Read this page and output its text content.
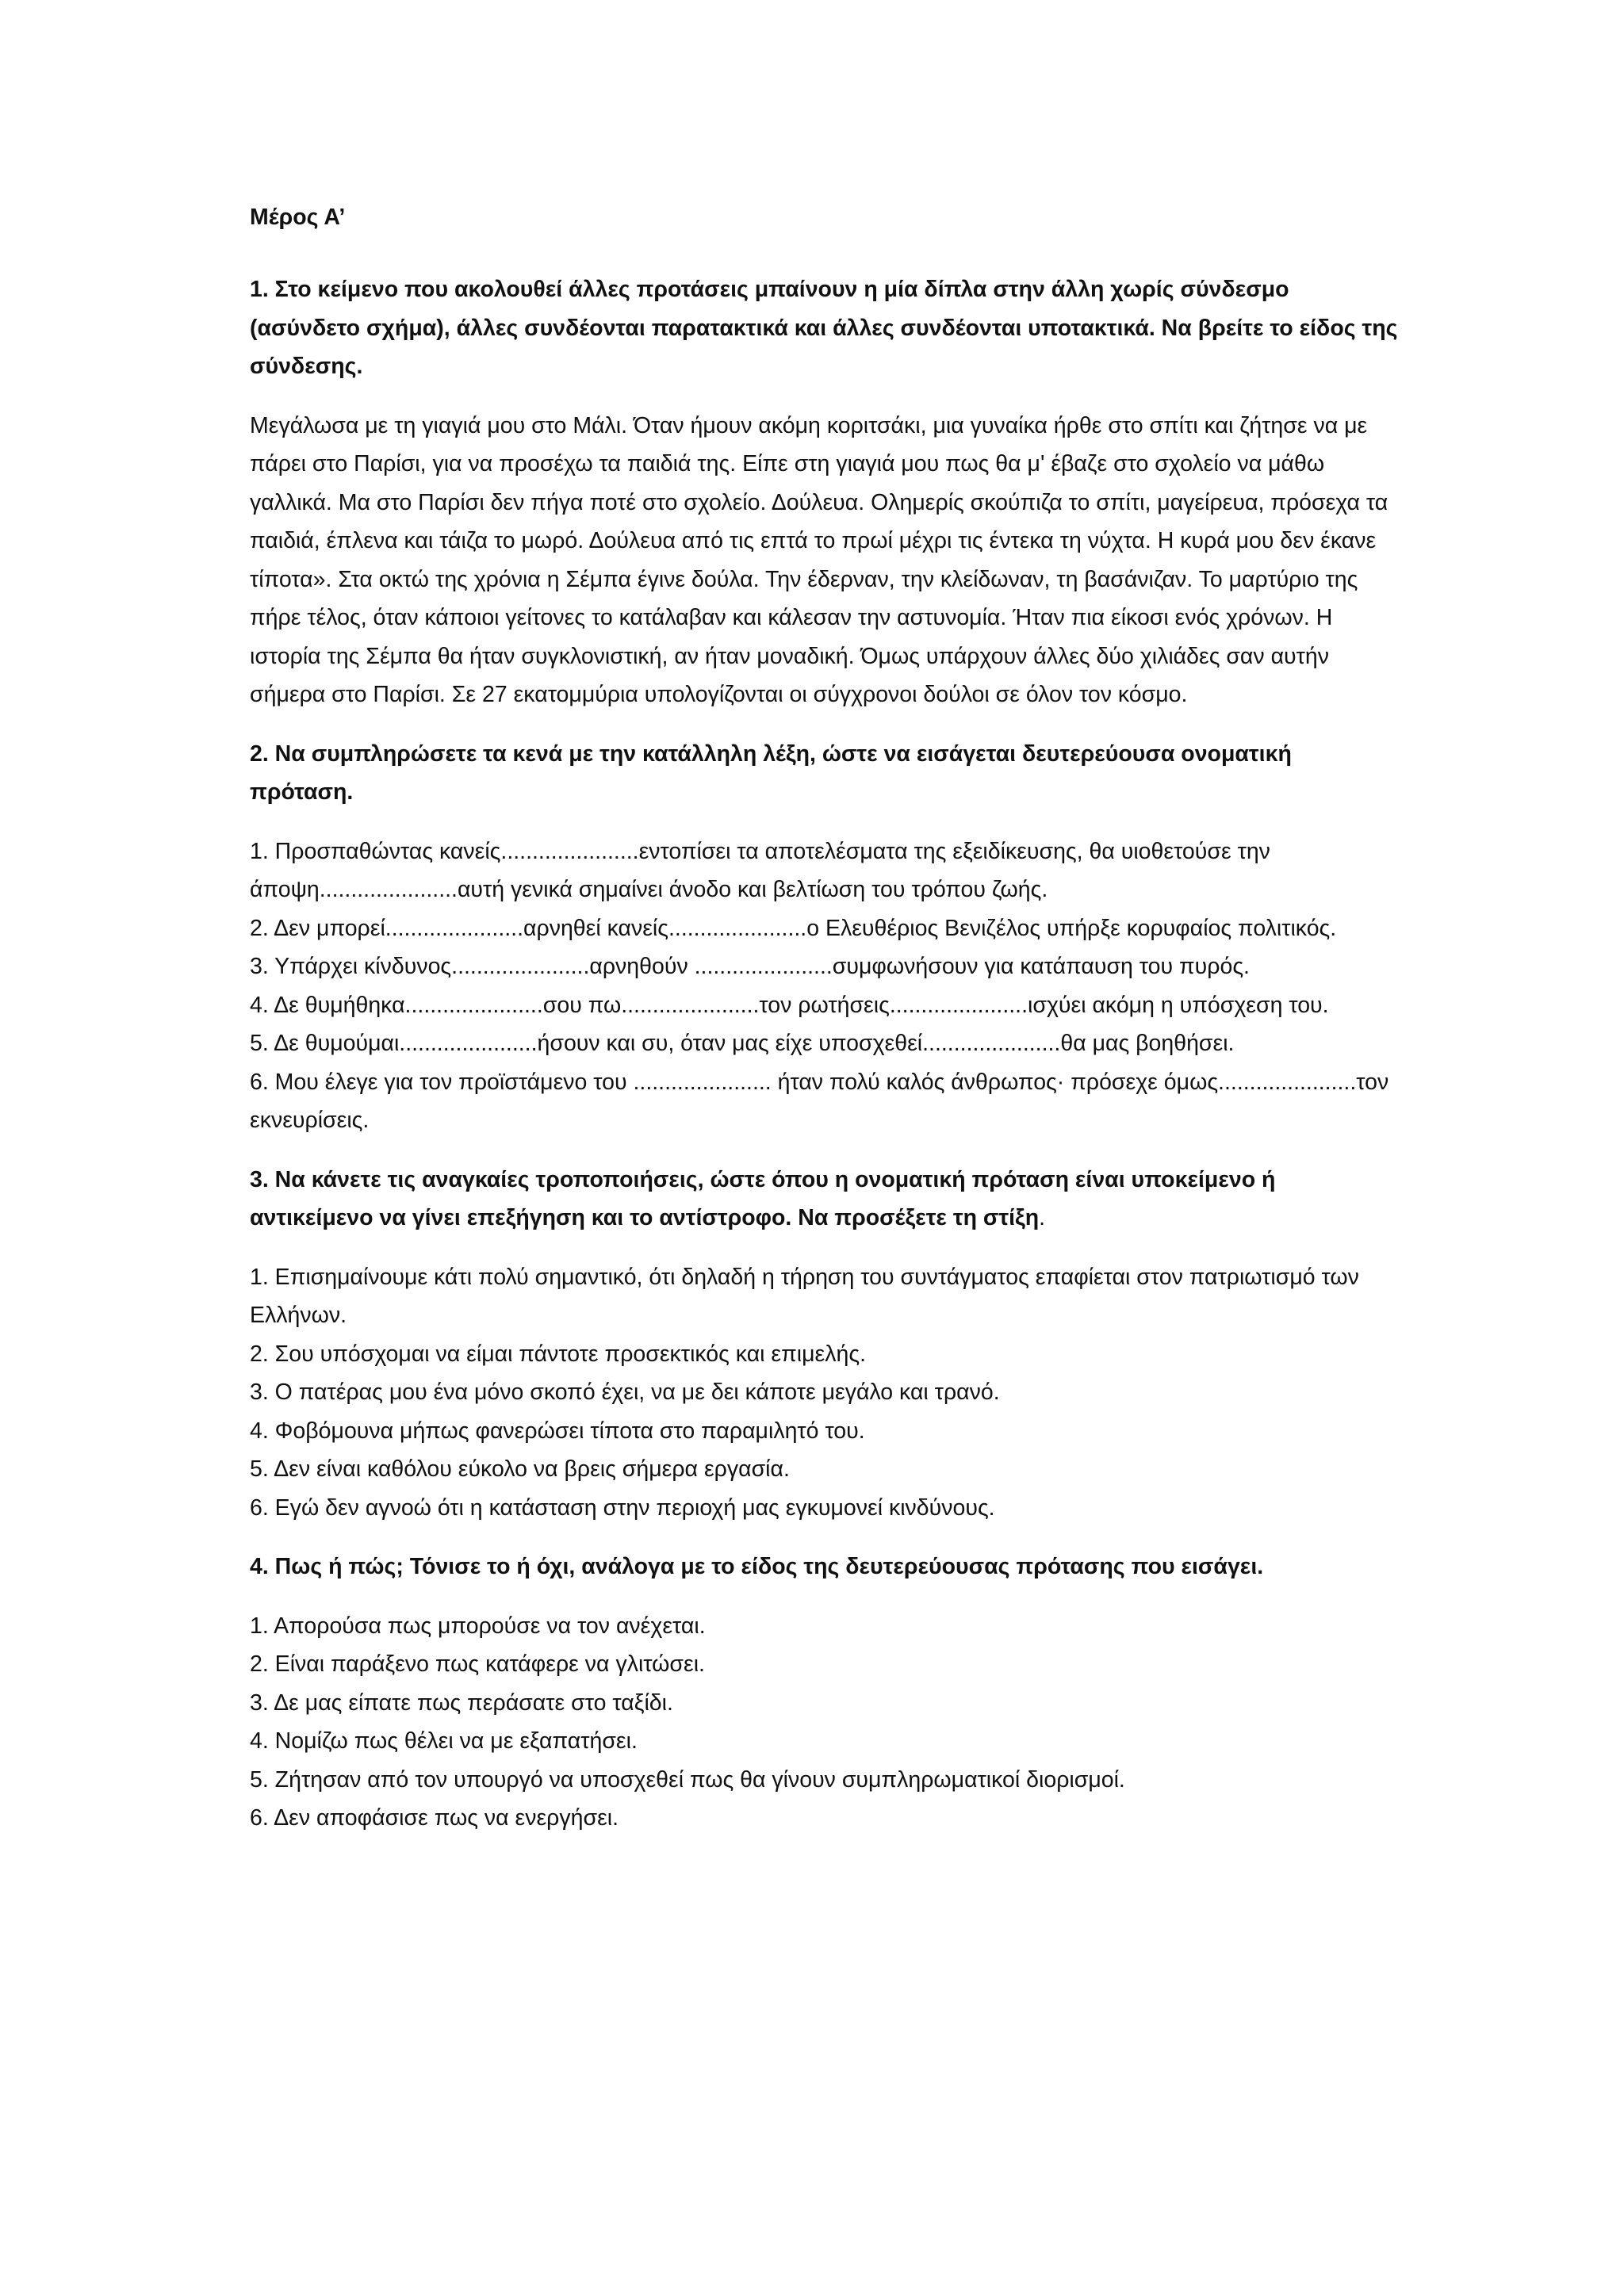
Μέρος Α’
1. Στο κείμενο που ακολουθεί άλλες προτάσεις μπαίνουν η μία δίπλα στην άλλη χωρίς σύνδεσμο (ασύνδετο σχήμα), άλλες συνδέονται παρατακτικά και άλλες συνδέονται υποτακτικά. Να βρείτε το είδος της σύνδεσης.

Μεγάλωσα με τη γιαγιά μου στο Μάλι. Όταν ήμουν ακόμη κοριτσάκι, μια γυναίκα ήρθε στο σπίτι και ζήτησε να με πάρει στο Παρίσι, για να προσέχω τα παιδιά της. Είπε στη γιαγιά μου πως θα μ' έβαζε στο σχολείο να μάθω γαλλικά. Μα στο Παρίσι δεν πήγα ποτέ στο σχολείο. Δούλευα. Ολημερίς σκούπιζα το σπίτι, μαγείρευα, πρόσεχα τα παιδιά, έπλενα και τάιζα το μωρό. Δούλευα από τις επτά το πρωί μέχρι τις έντεκα τη νύχτα. Η κυρά μου δεν έκανε τίποτα». Στα οκτώ της χρόνια η Σέμπα έγινε δούλα. Την έδερναν, την κλείδωναν, τη βασάνιζαν. Το μαρτύριο της πήρε τέλος, όταν κάποιοι γείτονες το κατάλαβαν και κάλεσαν την αστυνομία. Ήταν πια είκοσι ενός χρόνων. Η ιστορία της Σέμπα θα ήταν συγκλονιστική, αν ήταν μοναδική. Όμως υπάρχουν άλλες δύο χιλιάδες σαν αυτήν σήμερα στο Παρίσι. Σε 27 εκατομμύρια υπολογίζονται οι σύγχρονοι δούλοι σε όλον τον κόσμο.

2. Να συμπληρώσετε τα κενά με την κατάλληλη λέξη, ώστε να εισάγεται δευτερεύουσα ονοματική πρόταση.
1. Προσπαθώντας κανείς......................εντοπίσει τα αποτελέσματα της εξειδίκευσης, θα υιοθετούσε την άποψη......................αυτή γενικά σημαίνει άνοδο και βελτίωση του τρόπου ζωής.
2. Δεν μπορεί......................αρνηθεί κανείς......................ο Ελευθέριος Βενιζέλος υπήρξε κορυφαίος πολιτικός.
3. Υπάρχει κίνδυνος......................αρνηθούν ......................συμφωνήσουν για κατάπαυση του πυρός.
4. Δε θυμήθηκα......................σου πω......................τον ρωτήσεις......................ισχύει ακόμη η υπόσχεση του.
5. Δε θυμούμαι......................ήσουν και συ, όταν μας είχε υποσχεθεί......................θα μας βοηθήσει.
6. Μου έλεγε για τον προϊστάμενο του ...................... ήταν πολύ καλός άνθρωπος· πρόσεχε όμως......................τον εκνευρίσεις.
3. Να κάνετε τις αναγκαίες τροποποιήσεις, ώστε όπου η ονοματική πρόταση είναι υποκείμενο ή αντικείμενο να γίνει επεξήγηση και το αντίστροφο. Να προσέξετε τη στίξη.
1. Επισημαίνουμε κάτι πολύ σημαντικό, ότι δηλαδή η τήρηση του συντάγματος επαφίεται στον πατριωτισμό των Ελλήνων.
2. Σου υπόσχομαι να είμαι πάντοτε προσεκτικός και επιμελής.
3. Ο πατέρας μου ένα μόνο σκοπό έχει, να με δει κάποτε μεγάλο και τρανό.
4. Φοβόμουνα μήπως φανερώσει τίποτα στο παραμιλητό του.
5. Δεν είναι καθόλου εύκολο να βρεις σήμερα εργασία.
6. Εγώ δεν αγνοώ ότι η κατάσταση στην περιοχή μας εγκυμονεί κινδύνους.
4. Πως ή πώς; Τόνισε το ή όχι, ανάλογα με το είδος της δευτερεύουσας πρότασης που εισάγει.
1. Απορούσα πως μπορούσε να τον ανέχεται.
2. Είναι παράξενο πως κατάφερε να γλιτώσει.
3. Δε μας είπατε πως περάσατε στο ταξίδι.
4. Νομίζω πως θέλει να με εξαπατήσει.
5. Ζήτησαν από τον υπουργό να υποσχεθεί πως θα γίνουν συμπληρωματικοί διορισμοί.
6. Δεν αποφάσισε πως να ενεργήσει.
